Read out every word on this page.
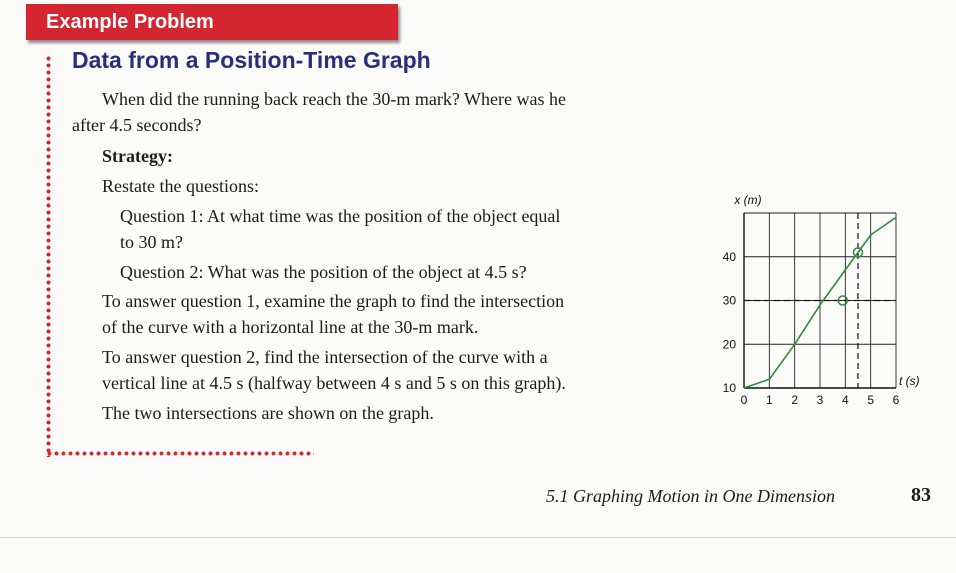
Example Problem
Data from a Position-Time Graph
When did the running back reach the 30-m mark? Where was he
after 4.5 seconds?
Strategy:
Restate the questions:
Question 1: At what time was the position of the object equal
to 30 m?
Question 2: What was the position of the object at 4.5 s?
To answer question 1, examine the graph to find the intersection
of the curve with a horizontal line at the 30-m mark.
To answer question 2, find the intersection of the curve with a
vertical line at 4.5 s (halfway between 4 s and 5 s on this graph).
The two intersections are shown on the graph.
0 1 2 3 4 5 6
10
20
30
40
x (m)
t (s)
5.1 Graphing Motion in One Dimension	83
